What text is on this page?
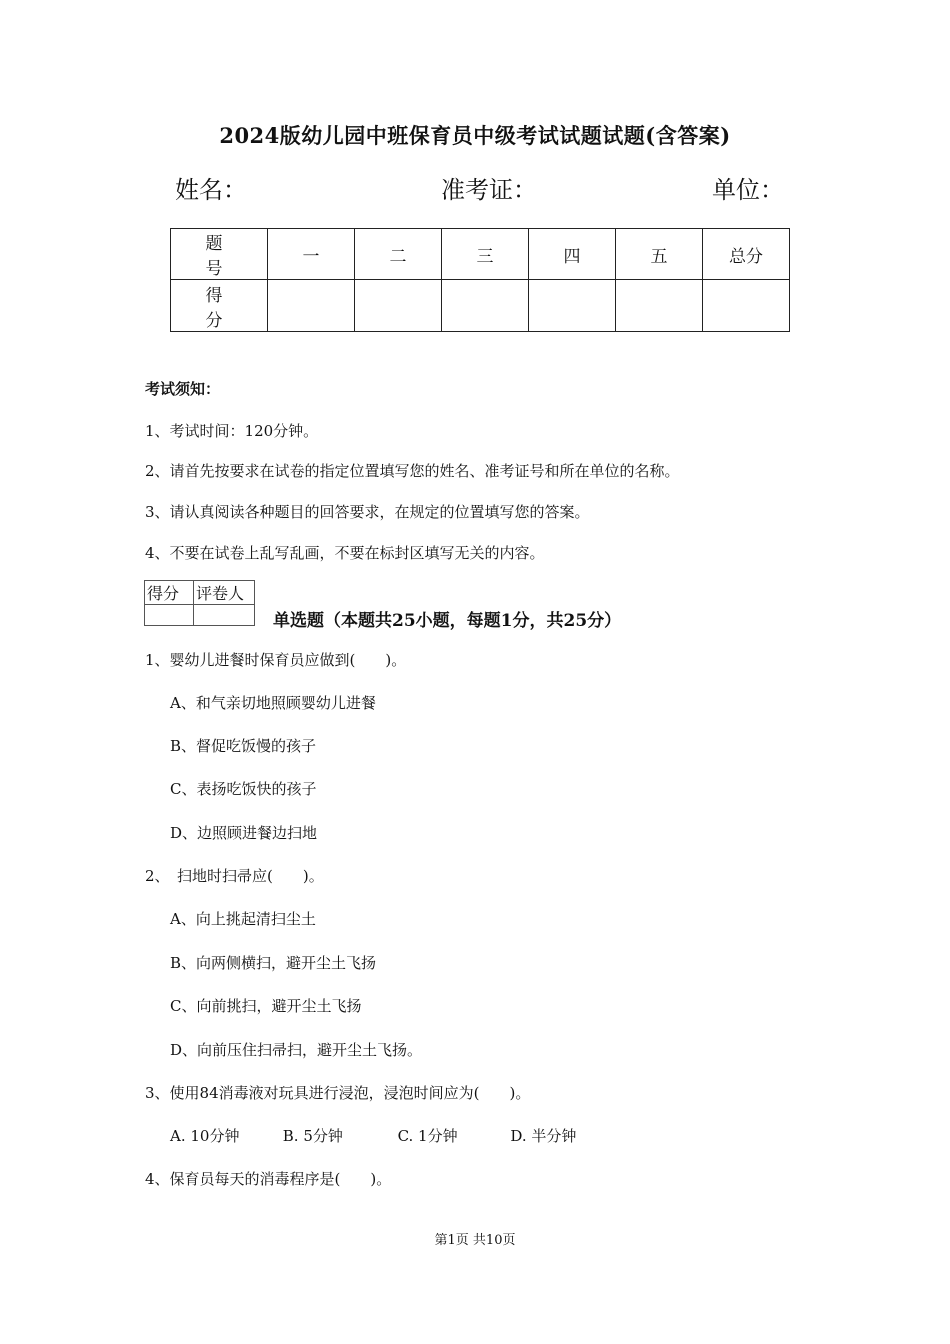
2024版幼儿园中班保育员中级考试试题试题(含答案)
姓名：	准考证：	单位：
题　号	一	二	三	四	五	总分
得　分						
考试须知：
1、考试时间：120分钟。
2、请首先按要求在试卷的指定位置填写您的姓名、准考证号和所在单位的名称。
3、请认真阅读各种题目的回答要求，在规定的位置填写您的答案。
4、不要在试卷上乱写乱画，不要在标封区填写无关的内容。
得分	评卷人

单选题（本题共25小题，每题1分，共25分）
1、婴幼儿进餐时保育员应做到(　　)。
A、和气亲切地照顾婴幼儿进餐
B、督促吃饭慢的孩子
C、表扬吃饭快的孩子
D、边照顾进餐边扫地
2、　扫地时扫帚应(　　)。
A、向上挑起清扫尘土
B、向两侧横扫，避开尘土飞扬
C、向前挑扫，避开尘土飞扬
D、向前压住扫帚扫，避开尘土飞扬。
3、使用84消毒液对玩具进行浸泡，浸泡时间应为(　　)。
A. 10分钟	B. 5分钟	C. 1分钟	D. 半分钟
4、保育员每天的消毒程序是(　　)。
第1页 共10页
